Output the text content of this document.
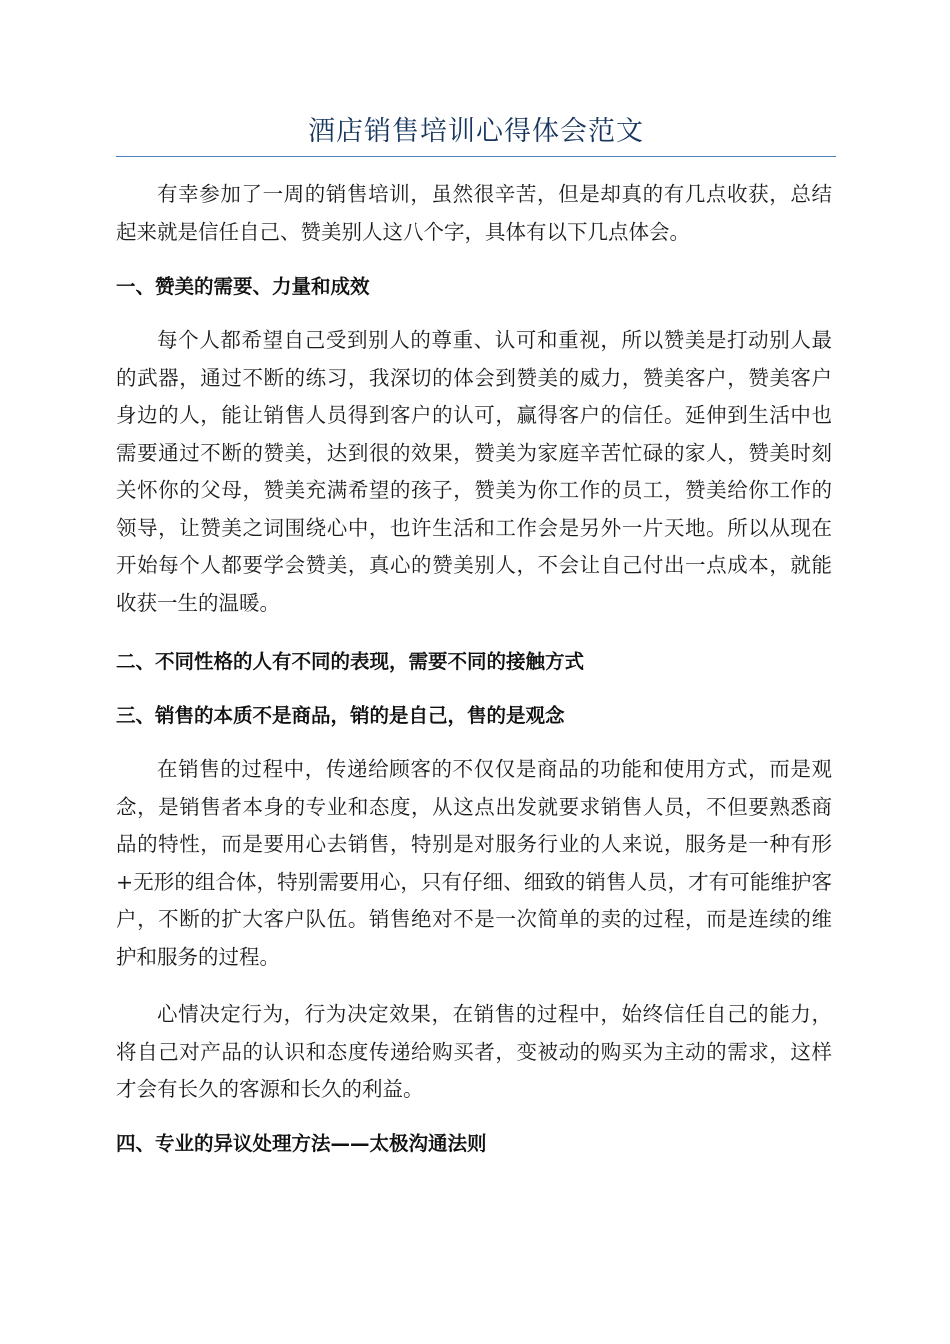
酒店销售培训心得体会范文

有幸参加了一周的销售培训，虽然很辛苦，但是却真的有几点收获，总结起来就是信任自己、赞美别人这八个字，具体有以下几点体会。

一、赞美的需要、力量和成效

每个人都希望自己受到别人的尊重、认可和重视，所以赞美是打动别人最的武器，通过不断的练习，我深切的体会到赞美的威力，赞美客户，赞美客户身边的人，能让销售人员得到客户的认可，赢得客户的信任。延伸到生活中也需要通过不断的赞美，达到很的效果，赞美为家庭辛苦忙碌的家人，赞美时刻关怀你的父母，赞美充满希望的孩子，赞美为你工作的员工，赞美给你工作的领导，让赞美之词围绕心中，也许生活和工作会是另外一片天地。所以从现在开始每个人都要学会赞美，真心的赞美别人，不会让自己付出一点成本，就能收获一生的温暖。

二、不同性格的人有不同的表现，需要不同的接触方式

三、销售的本质不是商品，销的是自己，售的是观念

在销售的过程中，传递给顾客的不仅仅是商品的功能和使用方式，而是观念，是销售者本身的专业和态度，从这点出发就要求销售人员，不但要熟悉商品的特性，而是要用心去销售，特别是对服务行业的人来说，服务是一种有形+无形的组合体，特别需要用心，只有仔细、细致的销售人员，才有可能维护客户，不断的扩大客户队伍。销售绝对不是一次简单的卖的过程，而是连续的维护和服务的过程。

心情决定行为，行为决定效果，在销售的过程中，始终信任自己的能力，将自己对产品的认识和态度传递给购买者，变被动的购买为主动的需求，这样才会有长久的客源和长久的利益。

四、专业的异议处理方法——太极沟通法则
